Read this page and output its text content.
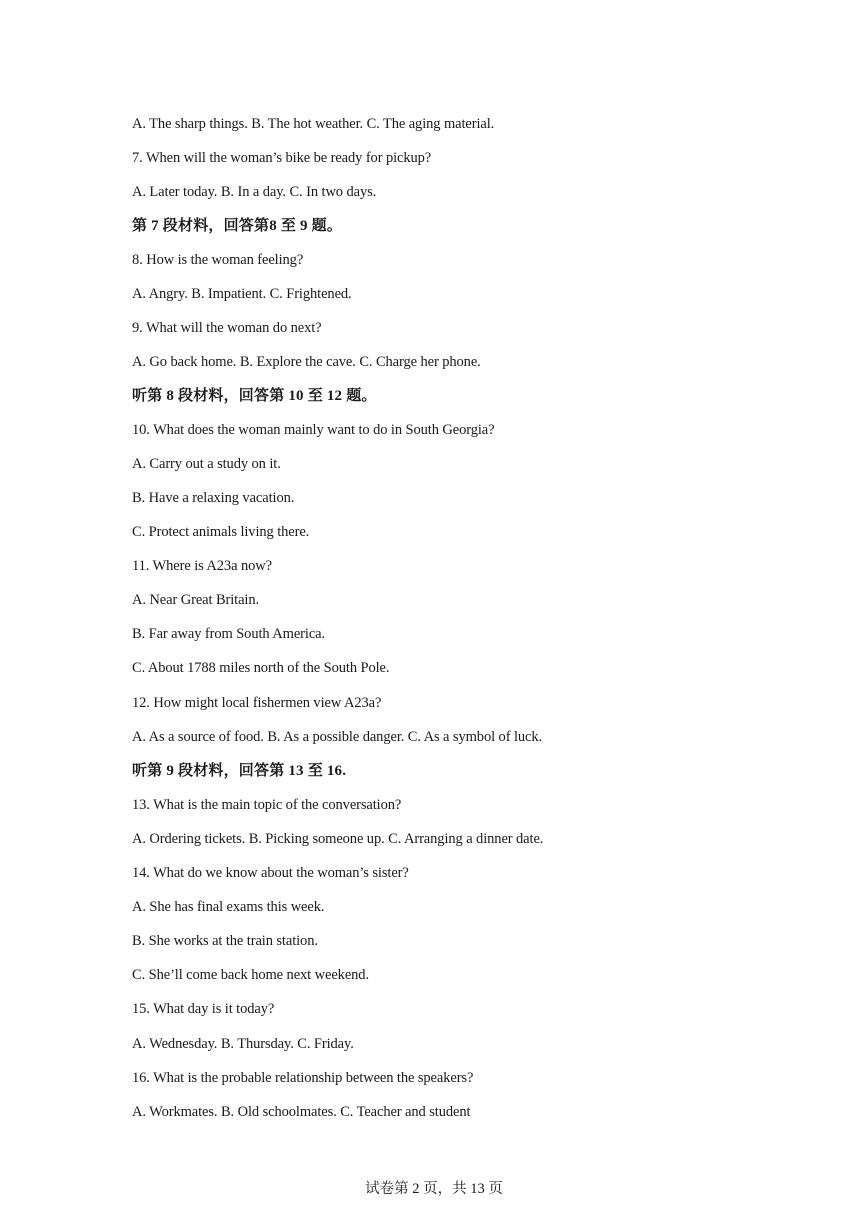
A. The sharp things. B. The hot weather. C. The aging material.
7. When will the woman’s bike be ready for pickup?
A. Later today. B. In a day. C. In two days.
第 7 段材料，回答第8 至 9 题。
8. How is the woman feeling?
A. Angry. B. Impatient. C. Frightened.
9. What will the woman do next?
A. Go back home. B. Explore the cave. C. Charge her phone.
听第 8 段材料，回答第 10 至 12 题。
10. What does the woman mainly want to do in South Georgia?
A. Carry out a study on it.
B. Have a relaxing vacation.
C. Protect animals living there.
11. Where is A23a now?
A. Near Great Britain.
B. Far away from South America.
C. About 1788 miles north of the South Pole.
12. How might local fishermen view A23a?
A. As a source of food. B. As a possible danger. C. As a symbol of luck.
听第 9 段材料，回答第 13 至 16.
13. What is the main topic of the conversation?
A. Ordering tickets. B. Picking someone up. C. Arranging a dinner date.
14. What do we know about the woman’s sister?
A. She has final exams this week.
B. She works at the train station.
C. She’ll come back home next weekend.
15. What day is it today?
A. Wednesday. B. Thursday. C. Friday.
16. What is the probable relationship between the speakers?
A. Workmates. B. Old schoolmates. C. Teacher and student
试卷第 2 页，共 13 页
